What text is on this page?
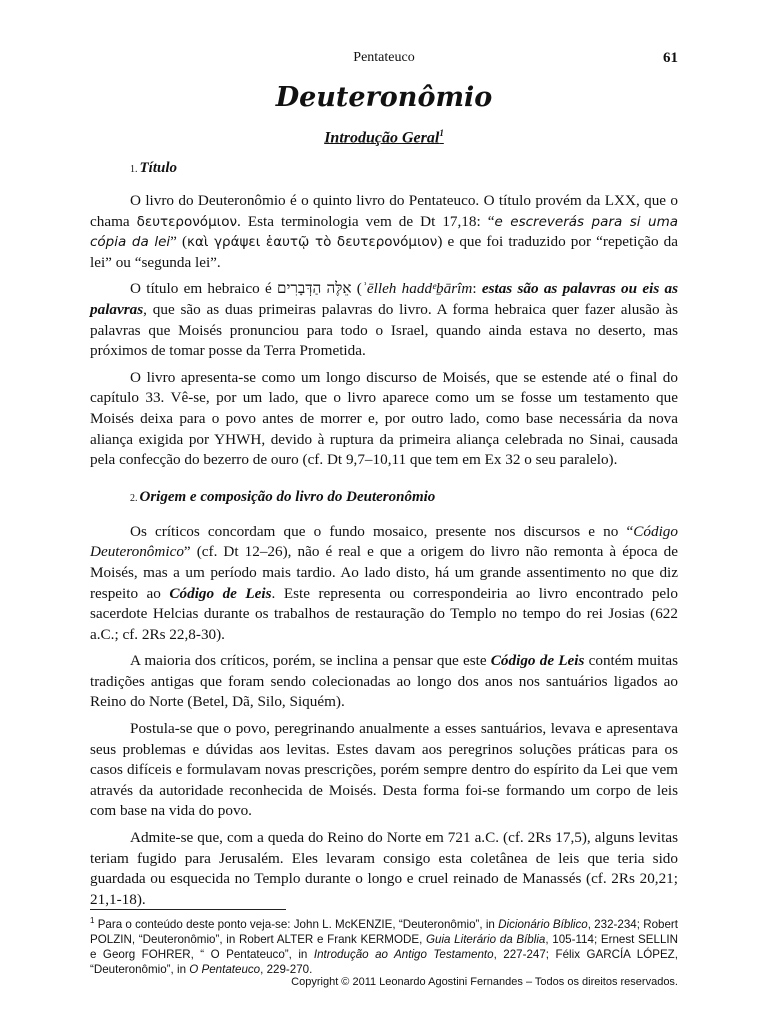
Pentateuco	61
Deuteronômio
Introdução Geral$^1$
1. Título

O livro do Deuteronômio é o quinto livro do Pentateuco. O título provém da LXX, que o chama δευτερονόμιον. Esta terminologia vem de Dt 17,18: “e escreverás para si uma cópia da lei” (καὶ γράψει ἑαυτῷ τὸ δευτερονόμιον) e que foi traduzido por “repetição da lei” ou “segunda lei”.

O título em hebraico é אֵלֶּה הַדְּבָרִים (ʾēlleh haddᵉḇārîm: estas são as palavras ou eis as palavras, que são as duas primeiras palavras do livro. A forma hebraica quer fazer alusão às palavras que Moisés pronunciou para todo o Israel, quando ainda estava no deserto, mas próximos de tomar posse da Terra Prometida.

O livro apresenta-se como um longo discurso de Moisés, que se estende até o final do capítulo 33. Vê-se, por um lado, que o livro aparece como um se fosse um testamento que Moisés deixa para o povo antes de morrer e, por outro lado, como base necessária da nova aliança exigida por YHWH, devido à ruptura da primeira aliança celebrada no Sinai, causada pela confecção do bezerro de ouro (cf. Dt 9,7–10,11 que tem em Ex 32 o seu paralelo).

2. Origem e composição do livro do Deuteronômio

Os críticos concordam que o fundo mosaico, presente nos discursos e no “Código Deuteronômico” (cf. Dt 12–26), não é real e que a origem do livro não remonta à época de Moisés, mas a um período mais tardio. Ao lado disto, há um grande assentimento no que diz respeito ao Código de Leis. Este representa ou correspondeiria ao livro encontrado pelo sacerdote Helcias durante os trabalhos de restauração do Templo no tempo do rei Josias (622 a.C.; cf. 2Rs 22,8-30).

A maioria dos críticos, porém, se inclina a pensar que este Código de Leis contém muitas tradições antigas que foram sendo colecionadas ao longo dos anos nos santuários ligados ao Reino do Norte (Betel, Dã, Silo, Siquém).

Postula-se que o povo, peregrinando anualmente a esses santuários, levava e apresentava seus problemas e dúvidas aos levitas. Estes davam aos peregrinos soluções práticas para os casos difíceis e formulavam novas prescrições, porém sempre dentro do espírito da Lei que vem através da autoridade reconhecida de Moisés. Desta forma foi-se formando um corpo de leis com base na vida do povo.

Admite-se que, com a queda do Reino do Norte em 721 a.C. (cf. 2Rs 17,5), alguns levitas teriam fugido para Jerusalém. Eles levaram consigo esta coletânea de leis que teria sido guardada ou esquecida no Templo durante o longo e cruel reinado de Manassés (cf. 2Rs 20,21; 21,1-18).

$^1$ Para o conteúdo deste ponto veja-se: John L. McKENZIE, “Deuteronômio”, in Dicionário Bíblico, 232-234; Robert POLZIN, “Deuteronômio”, in Robert ALTER e Frank KERMODE, Guia Literário da Bíblia, 105-114; Ernest SELLIN e Georg FOHRER, “ O Pentateuco”, in Introdução ao Antigo Testamento, 227-247; Félix GARCÍA LÓPEZ, “Deuteronômio”, in O Pentateuco, 229-270.
Copyright © 2011 Leonardo Agostini Fernandes – Todos os direitos reservados.
